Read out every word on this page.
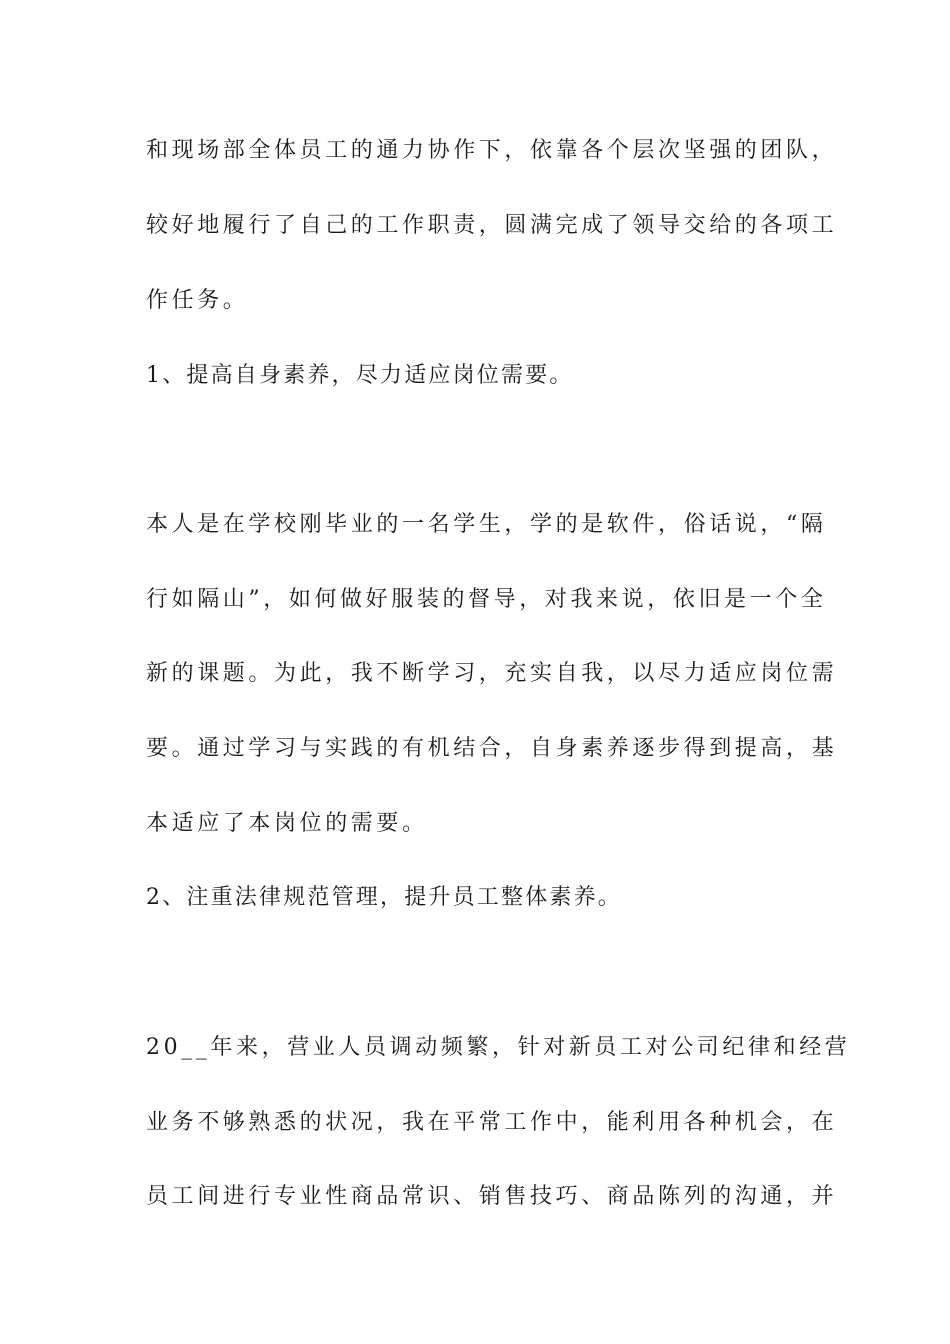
和现场部全体员工的通力协作下，依靠各个层次坚强的团队，
较好地履行了自己的工作职责，圆满完成了领导交给的各项工
作任务。
1、提高自身素养，尽力适应岗位需要。
本人是在学校刚毕业的一名学生，学的是软件，俗话说，“隔
行如隔山”，如何做好服装的督导，对我来说，依旧是一个全
新的课题。为此，我不断学习，充实自我，以尽力适应岗位需
要。通过学习与实践的有机结合，自身素养逐步得到提高，基
本适应了本岗位的需要。
2、注重法律规范管理，提升员工整体素养。
20__年来，营业人员调动频繁，针对新员工对公司纪律和经营
业务不够熟悉的状况，我在平常工作中，能利用各种机会，在
员工间进行专业性商品常识、销售技巧、商品陈列的沟通，并
